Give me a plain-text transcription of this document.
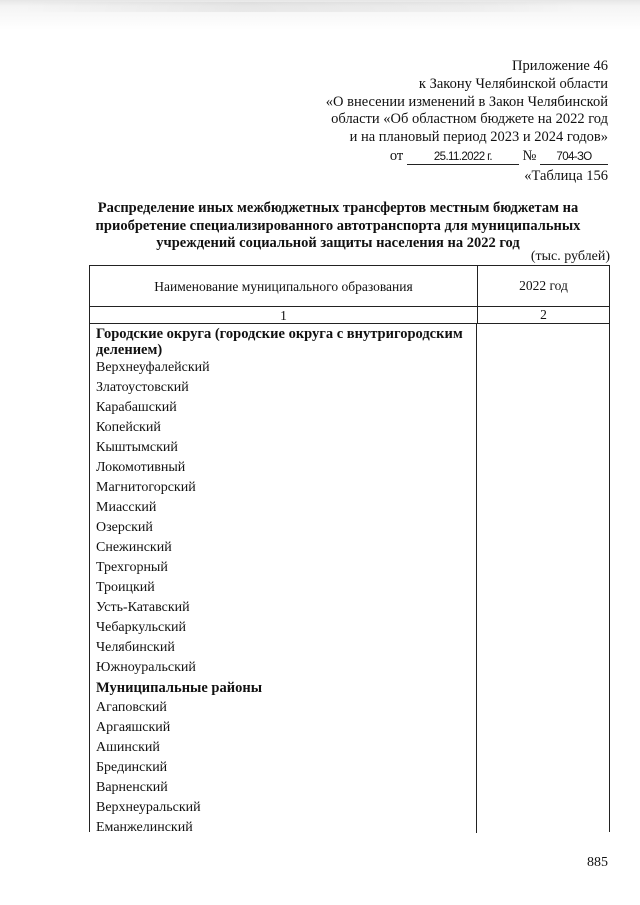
Приложение 46
к Закону Челябинской области
«О внесении изменений в Закон Челябинской
области «Об областном бюджете на 2022 год
и на плановый период 2023 и 2024 годов»
от	25.11.2022 г. № 704-ЗО
«Таблица 156
Распределение иных межбюджетных трансфертов местным бюджетам на приобретение специализированного автотранспорта для муниципальных учреждений социальной защиты населения на 2022 год
(тыс. рублей)
Наименование муниципального образования	2022 год
1	2
Городские округа (городские округа с внутригородским делением)
Верхнеуфалейский
Златоустовский
Карабашский
Копейский
Кыштымский
Локомотивный
Магнитогорский
Миасский
Озерский
Снежинский
Трехгорный
Троицкий
Усть-Катавский
Чебаркульский
Челябинский
Южноуральский
Муниципальные районы
Агаповский
Аргаяшский
Ашинский
Брединский
Варненский
Верхнеуральский
Еманжелинский
885
